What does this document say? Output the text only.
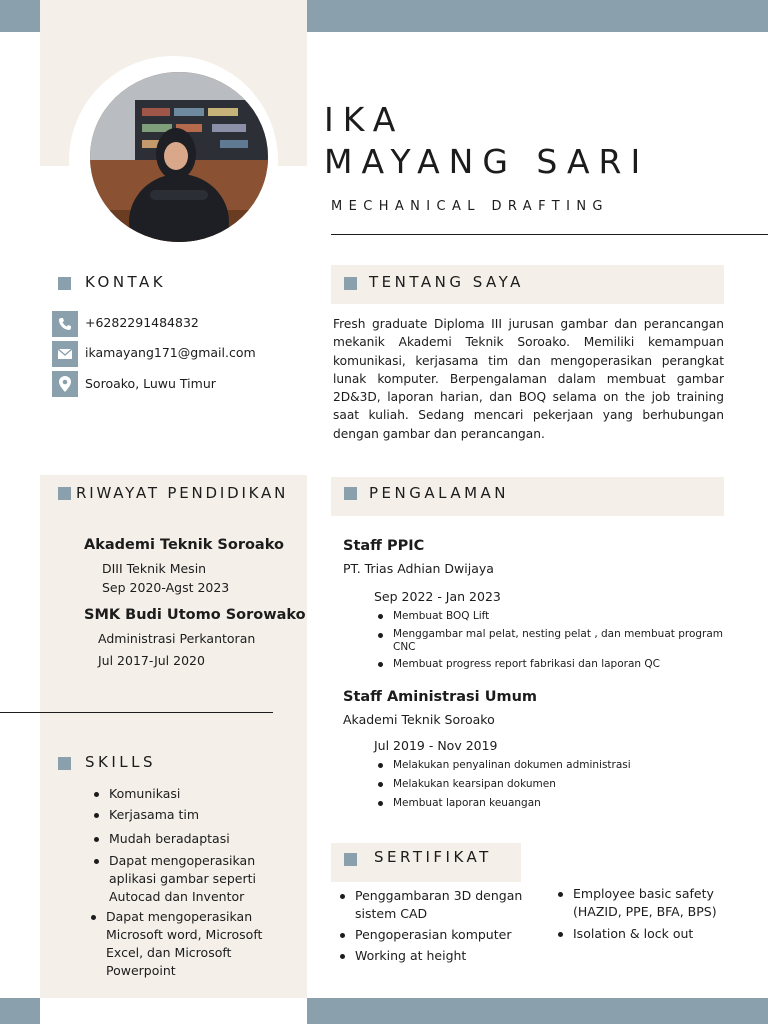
IKA
MAYANG SARI
MECHANICAL DRAFTING
KONTAK
+6282291484832
ikamayang171@gmail.com
Soroako, Luwu Timur
TENTANG SAYA
Fresh graduate Diploma III jurusan gambar dan perancangan mekanik Akademi Teknik Soroako. Memiliki kemampuan komunikasi, kerjasama tim dan mengoperasikan perangkat lunak komputer. Berpengalaman dalam membuat gambar 2D&3D, laporan harian, dan BOQ selama on the job training saat kuliah. Sedang mencari pekerjaan yang berhubungan dengan gambar dan perancangan.
RIWAYAT PENDIDIKAN
Akademi Teknik Soroako
DIII Teknik Mesin
Sep 2020-Agst 2023
SMK Budi Utomo Sorowako
Administrasi Perkantoran
Jul 2017-Jul 2020
SKILLS
Komunikasi
Kerjasama tim
Mudah beradaptasi
Dapat mengoperasikan aplikasi gambar seperti Autocad dan Inventor
Dapat mengoperasikan Microsoft word, Microsoft Excel, dan Microsoft Powerpoint
PENGALAMAN
Staff PPIC
PT. Trias Adhian Dwijaya
Sep 2022 - Jan 2023
Membuat BOQ Lift
Menggambar mal pelat, nesting pelat , dan membuat program CNC
Membuat progress report fabrikasi dan laporan QC
Staff Aministrasi Umum
Akademi Teknik Soroako
Jul 2019 - Nov 2019
Melakukan penyalinan dokumen administrasi
Melakukan kearsipan dokumen
Membuat laporan keuangan
SERTIFIKAT
Penggambaran 3D dengan sistem CAD
Pengoperasian komputer
Working at height
Employee basic safety (HAZID, PPE, BFA, BPS)
Isolation & lock out
